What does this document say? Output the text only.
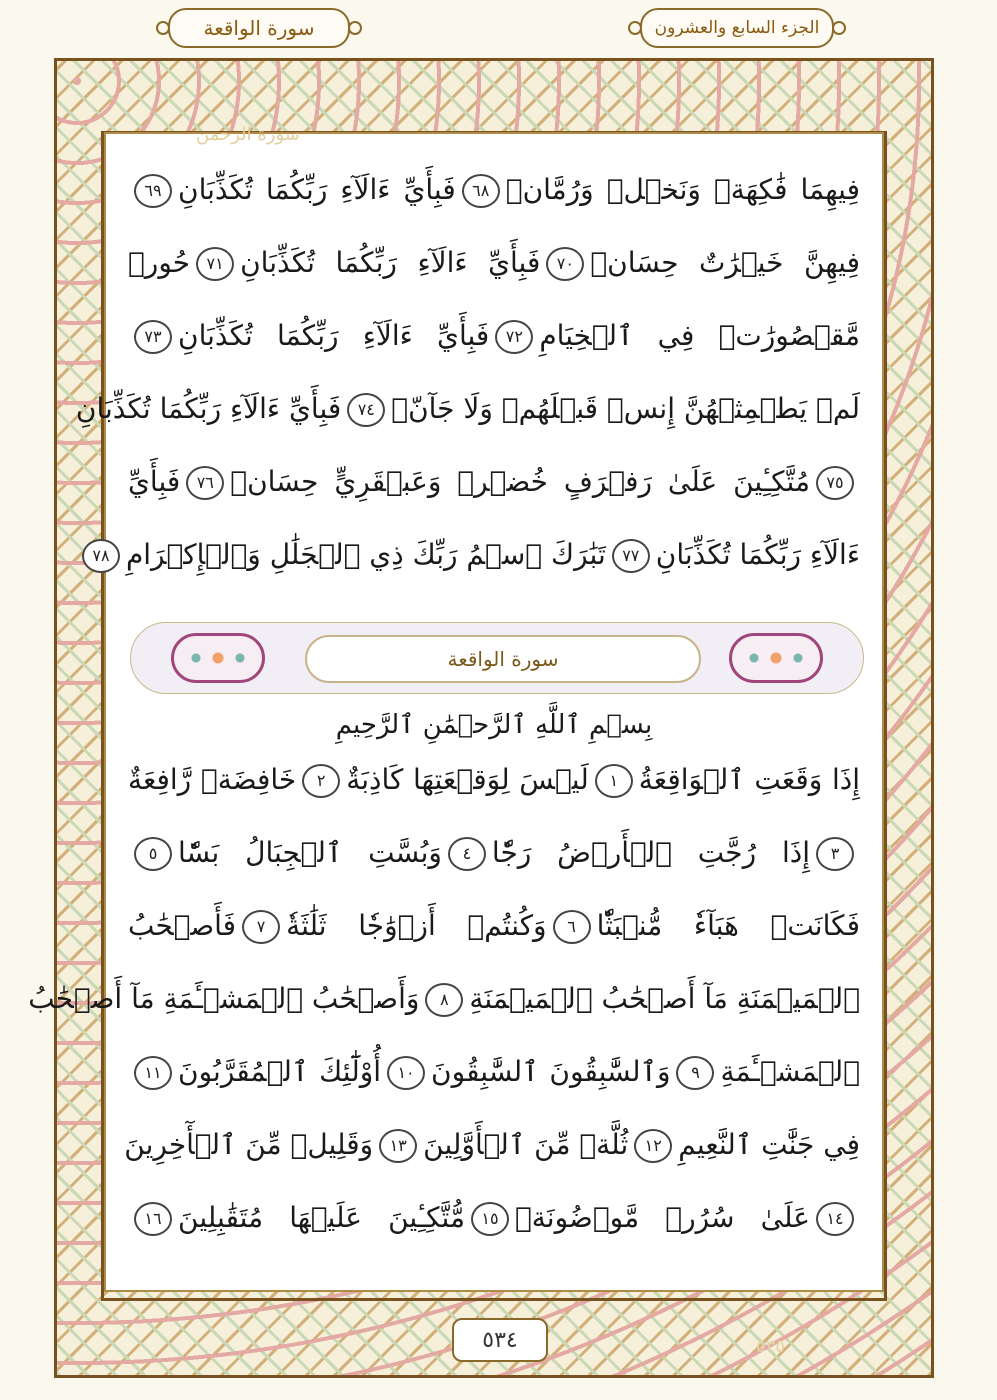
سورة الواقعة	الجزء السابع والعشرون
سورة الرحمن
فِيهِمَا فَٰكِهَةٞ وَنَخۡلٞ وَرُمَّانٞ٦٨فَبِأَيِّ ءَالَآءِ رَبِّكُمَا تُكَذِّبَانِ٦٩
فِيهِنَّ خَيۡرَٰتٌ حِسَانٞ٧٠فَبِأَيِّ ءَالَآءِ رَبِّكُمَا تُكَذِّبَانِ٧١حُورٞ
مَّقۡصُورَٰتٞ فِي ٱلۡخِيَامِ٧٢فَبِأَيِّ ءَالَآءِ رَبِّكُمَا تُكَذِّبَانِ٧٣
لَمۡ يَطۡمِثۡهُنَّ إِنسٞ قَبۡلَهُمۡ وَلَا جَآنّٞ٧٤فَبِأَيِّ ءَالَآءِ رَبِّكُمَا تُكَذِّبَانِ
٧٥مُتَّكِـِٔينَ عَلَىٰ رَفۡرَفٍ خُضۡرٖ وَعَبۡقَرِيٍّ حِسَانٖ٧٦فَبِأَيِّ
ءَالَآءِ رَبِّكُمَا تُكَذِّبَانِ٧٧تَبَٰرَكَ ٱسۡمُ رَبِّكَ ذِي ٱلۡجَلَٰلِ وَٱلۡإِكۡرَامِ٧٨
سورة الواقعة
بِسۡمِ ٱللَّهِ ٱلرَّحۡمَٰنِ ٱلرَّحِيمِ
إِذَا وَقَعَتِ ٱلۡوَاقِعَةُ١لَيۡسَ لِوَقۡعَتِهَا كَاذِبَةٌ٢خَافِضَةٞ رَّافِعَةٌ
٣إِذَا رُجَّتِ ٱلۡأَرۡضُ رَجّٗا٤وَبُسَّتِ ٱلۡجِبَالُ بَسّٗا٥
فَكَانَتۡ هَبَآءٗ مُّنۢبَثّٗا٦وَكُنتُمۡ أَزۡوَٰجٗا ثَلَٰثَةٗ٧فَأَصۡحَٰبُ
ٱلۡمَيۡمَنَةِ مَآ أَصۡحَٰبُ ٱلۡمَيۡمَنَةِ٨وَأَصۡحَٰبُ ٱلۡمَشۡـَٔمَةِ مَآ أَصۡحَٰبُ
ٱلۡمَشۡـَٔمَةِ٩وَٱلسَّٰبِقُونَ ٱلسَّٰبِقُونَ١٠أُوْلَٰٓئِكَ ٱلۡمُقَرَّبُونَ١١
فِي جَنَّٰتِ ٱلنَّعِيمِ١٢ثُلَّةٞ مِّنَ ٱلۡأَوَّلِينَ١٣وَقَلِيلٞ مِّنَ ٱلۡأٓخِرِينَ
١٤عَلَىٰ سُرُرٖ مَّوۡضُونَةٖ١٥مُّتَّكِـِٔينَ عَلَيۡهَا مُتَقَٰبِلِينَ١٦
٥٣٤	٥٣٥
